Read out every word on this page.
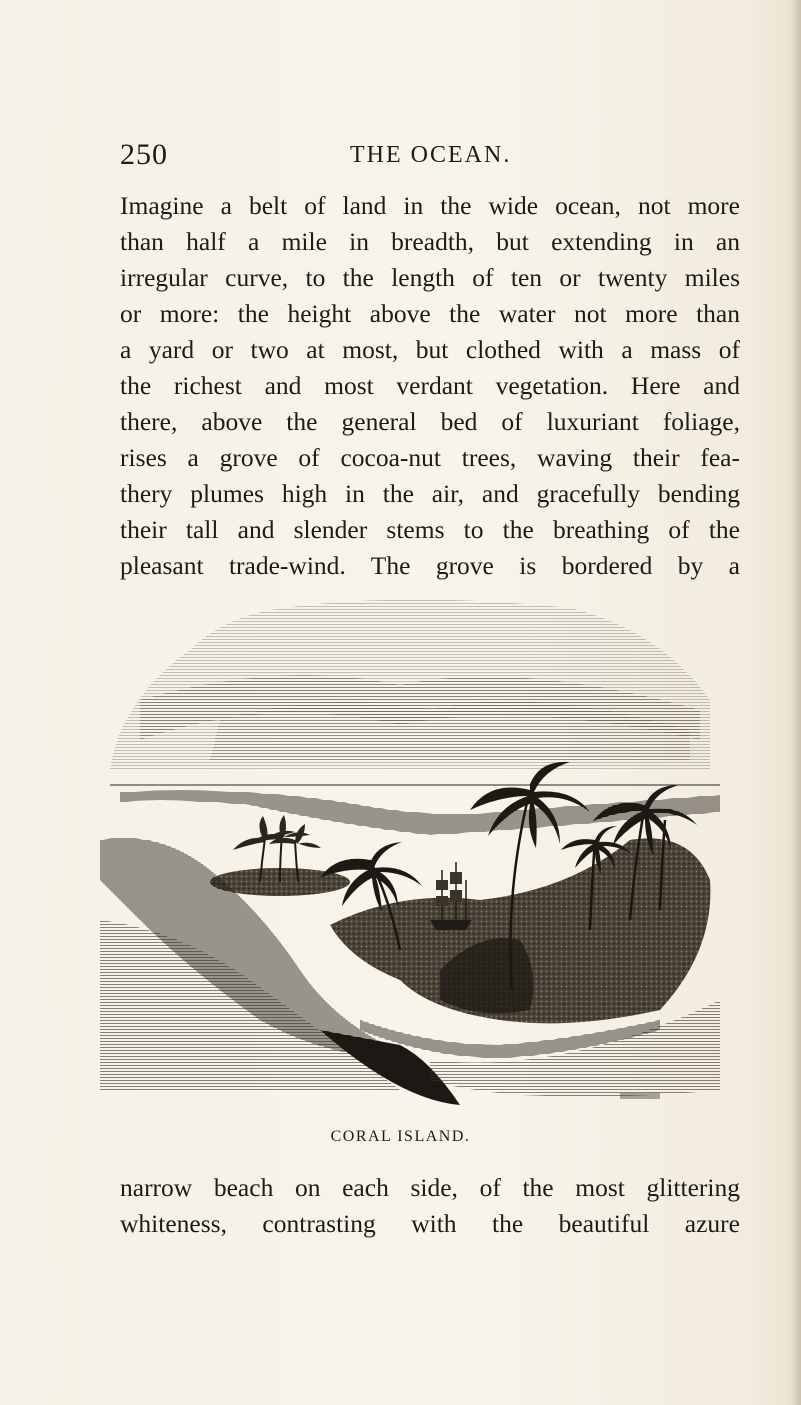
250	THE OCEAN.
Imagine a belt of land in the wide ocean, not more
than half a mile in breadth, but extending in an
irregular curve, to the length of ten or twenty miles
or more: the height above the water not more than
a yard or two at most, but clothed with a mass of
the richest and most verdant vegetation. Here and
there, above the general bed of luxuriant foliage,
rises a grove of cocoa-nut trees, waving their fea-
thery plumes high in the air, and gracefully bending
their tall and slender stems to the breathing of the
pleasant trade-wind. The grove is bordered by a
CORAL ISLAND.
narrow beach on each side, of the most glittering
whiteness, contrasting with the beautiful azure
